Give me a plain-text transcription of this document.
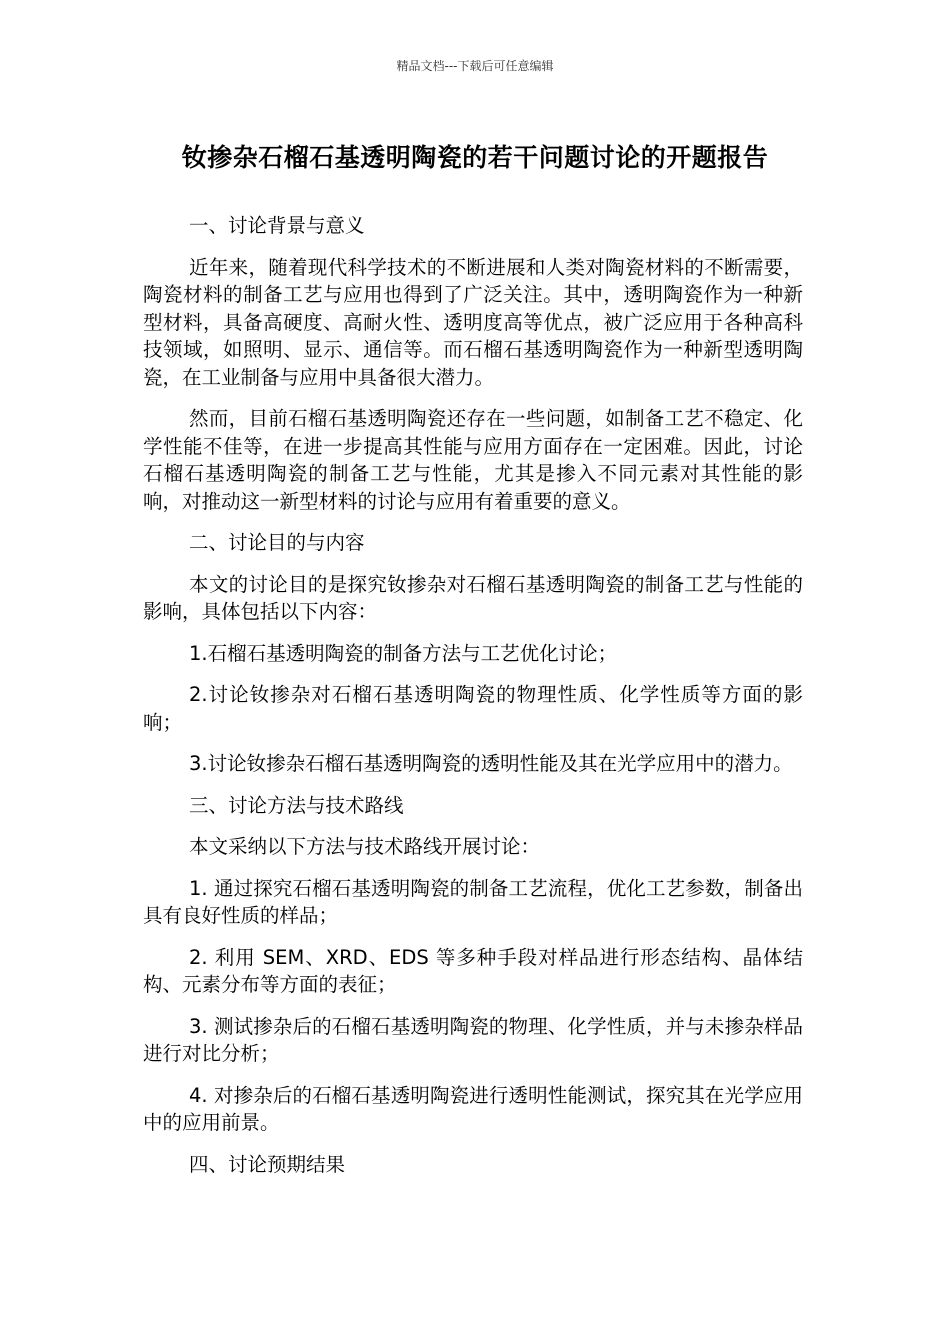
精品文档---下载后可任意编辑
钕掺杂石榴石基透明陶瓷的若干问题讨论的开题报告
一、讨论背景与意义
近年来，随着现代科学技术的不断进展和人类对陶瓷材料的不断需要，陶瓷材料的制备工艺与应用也得到了广泛关注。其中，透明陶瓷作为一种新型材料，具备高硬度、高耐火性、透明度高等优点，被广泛应用于各种高科技领域，如照明、显示、通信等。而石榴石基透明陶瓷作为一种新型透明陶瓷，在工业制备与应用中具备很大潜力。
然而，目前石榴石基透明陶瓷还存在一些问题，如制备工艺不稳定、化学性能不佳等，在进一步提高其性能与应用方面存在一定困难。因此，讨论石榴石基透明陶瓷的制备工艺与性能，尤其是掺入不同元素对其性能的影响，对推动这一新型材料的讨论与应用有着重要的意义。
二、讨论目的与内容
本文的讨论目的是探究钕掺杂对石榴石基透明陶瓷的制备工艺与性能的影响，具体包括以下内容：
1.石榴石基透明陶瓷的制备方法与工艺优化讨论；
2.讨论钕掺杂对石榴石基透明陶瓷的物理性质、化学性质等方面的影响；
3.讨论钕掺杂石榴石基透明陶瓷的透明性能及其在光学应用中的潜力。
三、讨论方法与技术路线
本文采纳以下方法与技术路线开展讨论：
1. 通过探究石榴石基透明陶瓷的制备工艺流程，优化工艺参数，制备出具有良好性质的样品；
2. 利用 SEM、XRD、EDS 等多种手段对样品进行形态结构、晶体结构、元素分布等方面的表征；
3. 测试掺杂后的石榴石基透明陶瓷的物理、化学性质，并与未掺杂样品进行对比分析；
4. 对掺杂后的石榴石基透明陶瓷进行透明性能测试，探究其在光学应用中的应用前景。
四、讨论预期结果
